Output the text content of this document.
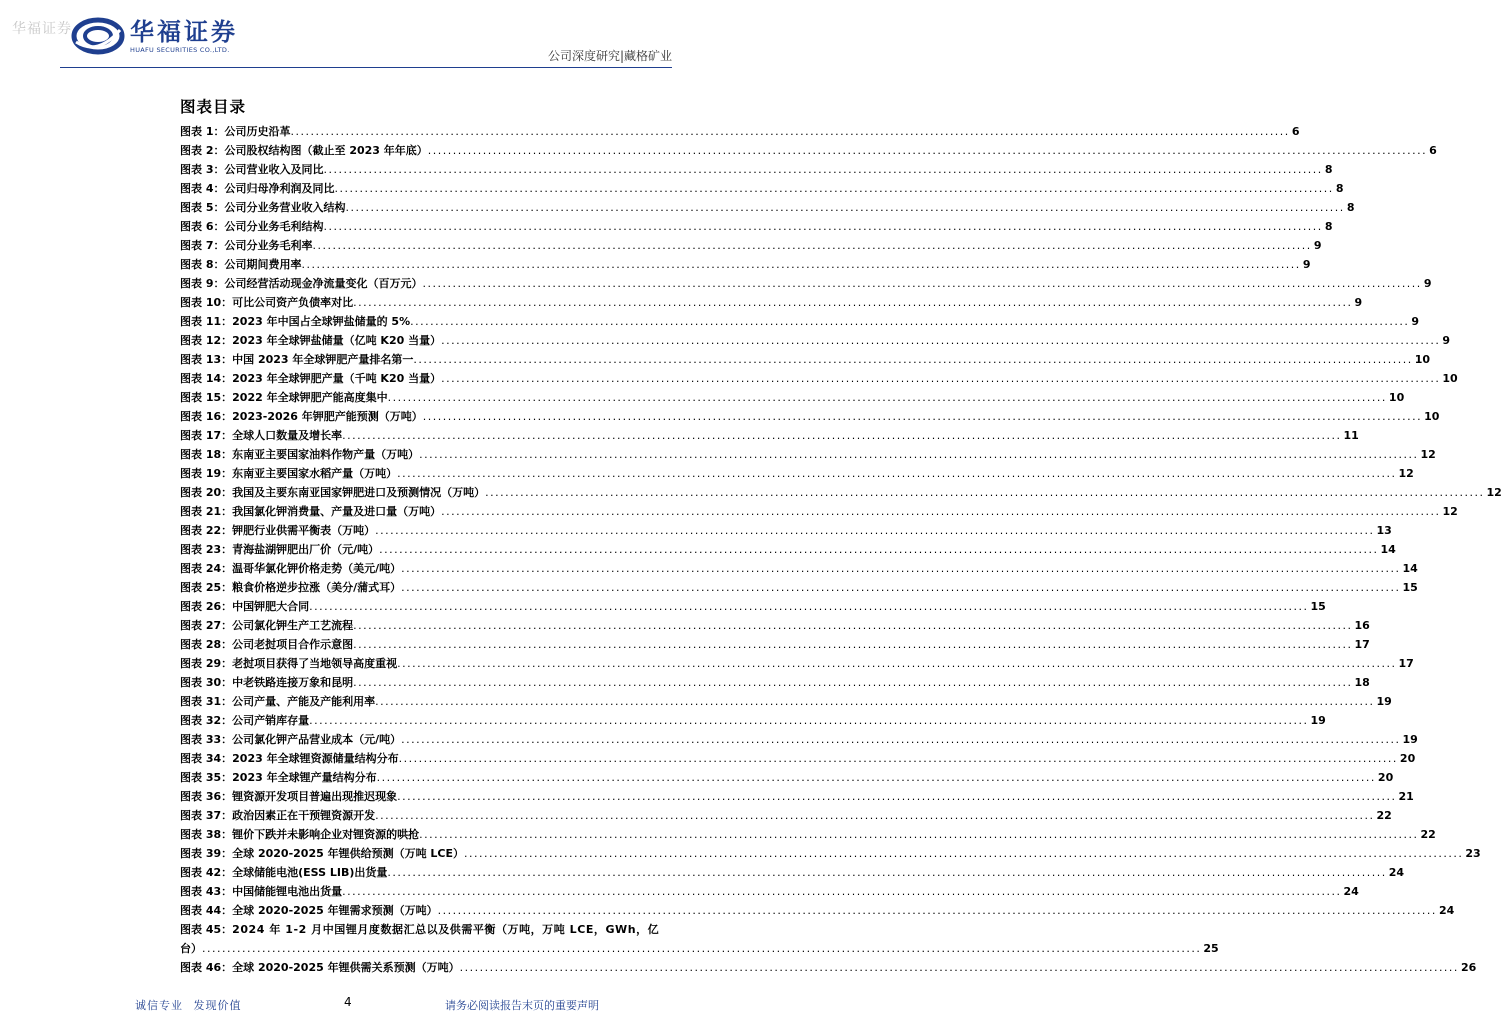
华福证券 华福证券
HUAFU SECURITIES CO.,LTD.	公司深度研究|藏格矿业
图表目录
图表 1： 公司历史沿革 ........................................................................................................................................................................................................ 6
图表 2： 公司股权结构图（截止至 2023 年年底） ........................................................................................................................................................................................................ 6
图表 3： 公司营业收入及同比 ........................................................................................................................................................................................................ 8
图表 4： 公司归母净利润及同比 ........................................................................................................................................................................................................ 8
图表 5： 公司分业务营业收入结构 ........................................................................................................................................................................................................ 8
图表 6： 公司分业务毛利结构 ........................................................................................................................................................................................................ 8
图表 7： 公司分业务毛利率 ........................................................................................................................................................................................................ 9
图表 8： 公司期间费用率 ........................................................................................................................................................................................................ 9
图表 9： 公司经营活动现金净流量变化（百万元） ........................................................................................................................................................................................................ 9
图表 10： 可比公司资产负债率对比 ........................................................................................................................................................................................................ 9
图表 11： 2023 年中国占全球钾盐储量的 5% ........................................................................................................................................................................................................ 9
图表 12： 2023 年全球钾盐储量（亿吨 K20 当量） ........................................................................................................................................................................................................ 9
图表 13： 中国 2023 年全球钾肥产量排名第一 ........................................................................................................................................................................................................ 10
图表 14： 2023 年全球钾肥产量（千吨 K20 当量） ........................................................................................................................................................................................................ 10
图表 15： 2022 年全球钾肥产能高度集中 ........................................................................................................................................................................................................ 10
图表 16： 2023-2026 年钾肥产能预测（万吨） ........................................................................................................................................................................................................ 10
图表 17： 全球人口数量及增长率 ........................................................................................................................................................................................................ 11
图表 18： 东南亚主要国家油料作物产量（万吨） ........................................................................................................................................................................................................ 12
图表 19： 东南亚主要国家水稻产量（万吨） ........................................................................................................................................................................................................ 12
图表 20： 我国及主要东南亚国家钾肥进口及预测情况（万吨） ........................................................................................................................................................................................................ 12
图表 21： 我国氯化钾消费量、产量及进口量（万吨） ........................................................................................................................................................................................................ 12
图表 22： 钾肥行业供需平衡表（万吨） ........................................................................................................................................................................................................ 13
图表 23： 青海盐湖钾肥出厂价（元/吨） ........................................................................................................................................................................................................ 14
图表 24： 温哥华氯化钾价格走势（美元/吨） ........................................................................................................................................................................................................ 14
图表 25： 粮食价格逆步拉涨（美分/蒲式耳） ........................................................................................................................................................................................................ 15
图表 26： 中国钾肥大合同 ........................................................................................................................................................................................................ 15
图表 27： 公司氯化钾生产工艺流程 ........................................................................................................................................................................................................ 16
图表 28： 公司老挝项目合作示意图 ........................................................................................................................................................................................................ 17
图表 29： 老挝项目获得了当地领导高度重视 ........................................................................................................................................................................................................ 17
图表 30： 中老铁路连接万象和昆明 ........................................................................................................................................................................................................ 18
图表 31： 公司产量、产能及产能利用率 ........................................................................................................................................................................................................ 19
图表 32： 公司产销库存量 ........................................................................................................................................................................................................ 19
图表 33： 公司氯化钾产品营业成本（元/吨） ........................................................................................................................................................................................................ 19
图表 34： 2023 年全球锂资源储量结构分布 ........................................................................................................................................................................................................ 20
图表 35： 2023 年全球锂产量结构分布 ........................................................................................................................................................................................................ 20
图表 36： 锂资源开发项目普遍出现推迟现象 ........................................................................................................................................................................................................ 21
图表 37： 政治因素正在干预锂资源开发 ........................................................................................................................................................................................................ 22
图表 38： 锂价下跌并未影响企业对锂资源的哄抢 ........................................................................................................................................................................................................ 22
图表 39： 全球 2020-2025 年锂供给预测（万吨 LCE） ........................................................................................................................................................................................................ 23
图表 42： 全球储能电池(ESS LIB)出货量 ........................................................................................................................................................................................................ 24
图表 43： 中国储能锂电池出货量 ........................................................................................................................................................................................................ 24
图表 44： 全球 2020-2025 年锂需求预测（万吨） ........................................................................................................................................................................................................ 24
图表 45： 2024 年 1-2 月中国锂月度数据汇总以及供需平衡（万吨，万吨 LCE，GWh，亿
台） ........................................................................................................................................................................................................ 25
图表 46： 全球 2020-2025 年锂供需关系预测（万吨） ........................................................................................................................................................................................................ 26
诚信专业 发现价值	4	请务必阅读报告末页的重要声明
